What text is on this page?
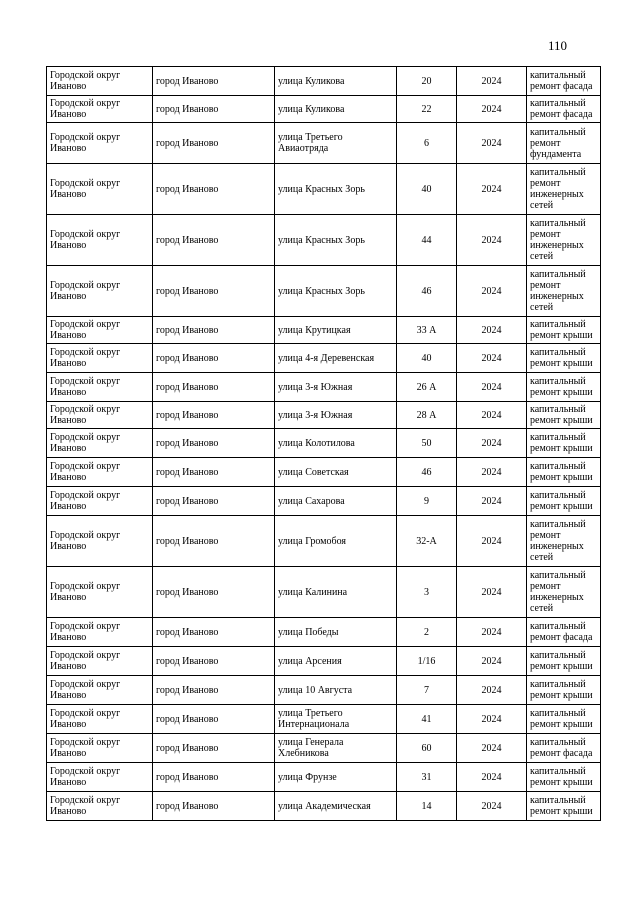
110
Городской округ Иваново	город Иваново	улица Куликова	20	2024	капитальный ремонт фасада
Городской округ Иваново	город Иваново	улица Куликова	22	2024	капитальный ремонт фасада
Городской округ Иваново	город Иваново	улица Третьего Авиаотряда	6	2024	капитальный ремонт фундамента
Городской округ Иваново	город Иваново	улица Красных Зорь	40	2024	капитальный ремонт инженерных сетей
Городской округ Иваново	город Иваново	улица Красных Зорь	44	2024	капитальный ремонт инженерных сетей
Городской округ Иваново	город Иваново	улица Красных Зорь	46	2024	капитальный ремонт инженерных сетей
Городской округ Иваново	город Иваново	улица Крутицкая	33 А	2024	капитальный ремонт крыши
Городской округ Иваново	город Иваново	улица 4-я Деревенская	40	2024	капитальный ремонт крыши
Городской округ Иваново	город Иваново	улица 3-я Южная	26 А	2024	капитальный ремонт крыши
Городской округ Иваново	город Иваново	улица 3-я Южная	28 А	2024	капитальный ремонт крыши
Городской округ Иваново	город Иваново	улица Колотилова	50	2024	капитальный ремонт крыши
Городской округ Иваново	город Иваново	улица Советская	46	2024	капитальный ремонт крыши
Городской округ Иваново	город Иваново	улица Сахарова	9	2024	капитальный ремонт крыши
Городской округ Иваново	город Иваново	улица Громобоя	32-А	2024	капитальный ремонт инженерных сетей
Городской округ Иваново	город Иваново	улица Калинина	3	2024	капитальный ремонт инженерных сетей
Городской округ Иваново	город Иваново	улица Победы	2	2024	капитальный ремонт фасада
Городской округ Иваново	город Иваново	улица Арсения	1/16	2024	капитальный ремонт крыши
Городской округ Иваново	город Иваново	улица 10 Августа	7	2024	капитальный ремонт крыши
Городской округ Иваново	город Иваново	улица Третьего Интернационала	41	2024	капитальный ремонт крыши
Городской округ Иваново	город Иваново	улица Генерала Хлебникова	60	2024	капитальный ремонт фасада
Городской округ Иваново	город Иваново	улица Фрунзе	31	2024	капитальный ремонт крыши
Городской округ Иваново	город Иваново	улица Академическая	14	2024	капитальный ремонт крыши
